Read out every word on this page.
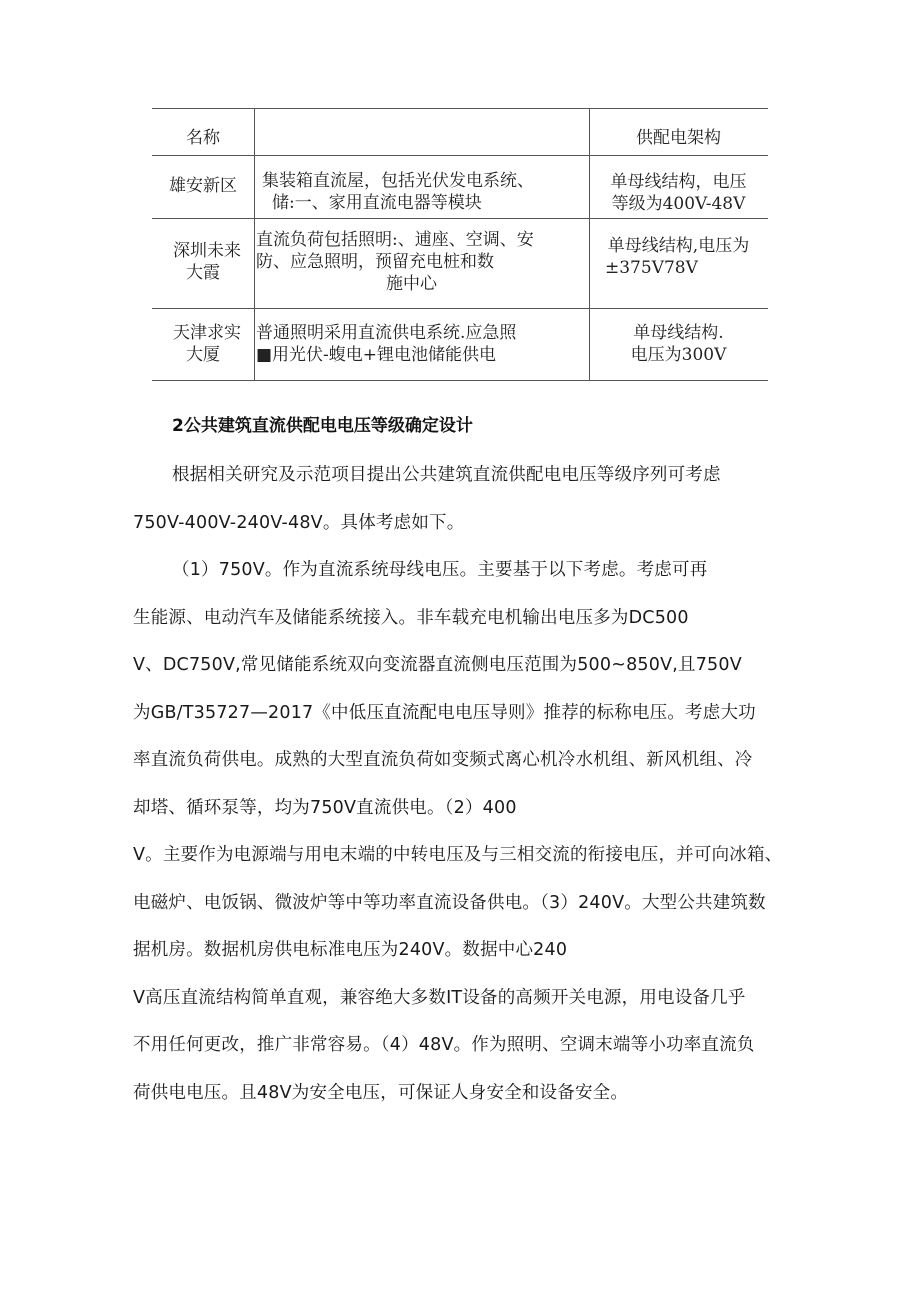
名称	供配电架构
雄安新区 集装箱直流屋，包括光伏发电系统、
储:一、家用直流电器等模块
单母线结构，电压
等级为400V-48V
深圳未来
大霞
直流负荷包括照明:、逋座、空调、安
防、应急照明，预留充电桩和数
施中心
单母线结构,电压为
±375V78V
天津求实
大厦
普通照明采用直流供电系统.应急照
■用光伏-蝮电+锂电池储能供电
单母线结构.
电压为300V
2公共建筑直流供配电电压等级确定设计
根据相关研究及示范项目提出公共建筑直流供配电电压等级序列可考虑
750V-400V-240V-48V。具体考虑如下。
（1）750V。作为直流系统母线电压。主要基于以下考虑。考虑可再
生能源、电动汽车及储能系统接入。非车载充电机输出电压多为DC500
V、DC750V,常见储能系统双向变流器直流侧电压范围为500~850V,且750V
为GB/T35727—2017《中低压直流配电电压导则》推荐的标称电压。考虑大功
率直流负荷供电。成熟的大型直流负荷如变频式离心机冷水机组、新风机组、冷
却塔、循环泵等，均为750V直流供电。（2）400
V。主要作为电源端与用电末端的中转电压及与三相交流的衔接电压，并可向冰箱、
电磁炉、电饭锅、微波炉等中等功率直流设备供电。（3）240V。大型公共建筑数
据机房。数据机房供电标准电压为240V。数据中心240
V高压直流结构简单直观，兼容绝大多数IT设备的高频开关电源，用电设备几乎
不用任何更改，推广非常容易。（4）48V。作为照明、空调末端等小功率直流负
荷供电电压。且48V为安全电压，可保证人身安全和设备安全。
